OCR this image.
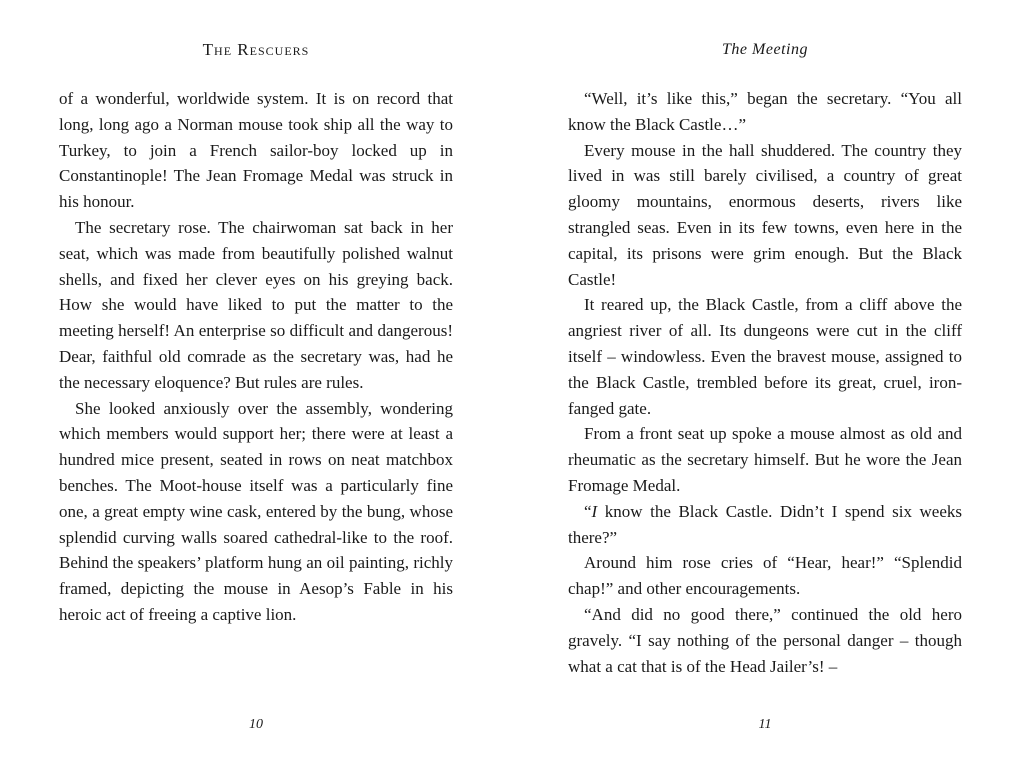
The Rescuers

of a wonderful, worldwide system. It is on record that long, long ago a Norman mouse took ship all the way to Turkey, to join a French sailor-boy locked up in Constantinople! The Jean Fromage Medal was struck in his honour.

The secretary rose. The chairwoman sat back in her seat, which was made from beautifully polished walnut shells, and fixed her clever eyes on his greying back. How she would have liked to put the matter to the meeting herself! An enterprise so difficult and dangerous! Dear, faithful old comrade as the secretary was, had he the necessary eloquence? But rules are rules.

She looked anxiously over the assembly, wondering which members would support her; there were at least a hundred mice present, seated in rows on neat matchbox benches. The Moot-house itself was a particularly fine one, a great empty wine cask, entered by the bung, whose splendid curving walls soared cathedral-like to the roof. Behind the speakers’ platform hung an oil painting, richly framed, depicting the mouse in Aesop’s Fable in his heroic act of freeing a captive lion.

10
The Meeting

“Well, it’s like this,” began the secretary. “You all know the Black Castle…”

Every mouse in the hall shuddered. The country they lived in was still barely civilised, a country of great gloomy mountains, enormous deserts, rivers like strangled seas. Even in its few towns, even here in the capital, its prisons were grim enough. But the Black Castle!

It reared up, the Black Castle, from a cliff above the angriest river of all. Its dungeons were cut in the cliff itself – windowless. Even the bravest mouse, assigned to the Black Castle, trembled before its great, cruel, iron-fanged gate.

From a front seat up spoke a mouse almost as old and rheumatic as the secretary himself. But he wore the Jean Fromage Medal.

“I know the Black Castle. Didn’t I spend six weeks there?”

Around him rose cries of “Hear, hear!” “Splendid chap!” and other encouragements.

“And did no good there,” continued the old hero gravely. “I say nothing of the personal danger – though what a cat that is of the Head Jailer’s! –

11
